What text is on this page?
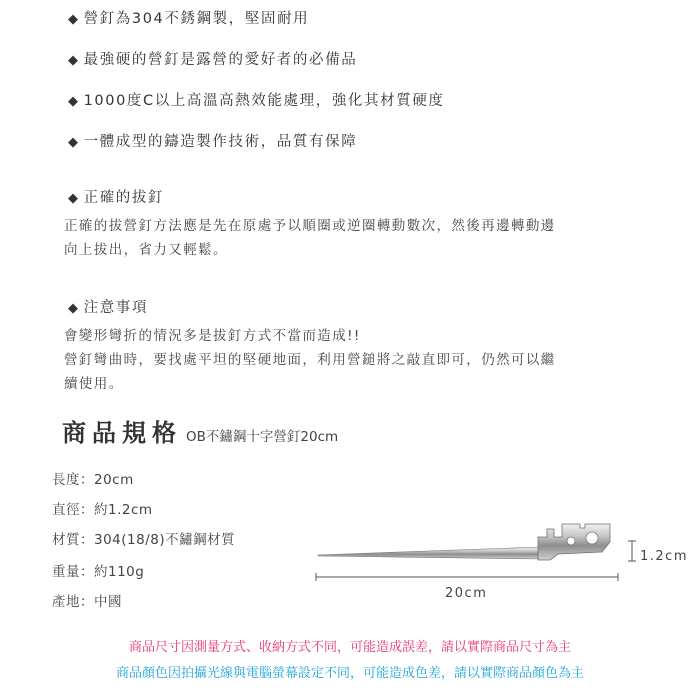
◆ 營釘為304不銹鋼製，堅固耐用
◆ 最強硬的營釘是露營的愛好者的必備品
◆ 1000度C以上高溫高熱效能處理，強化其材質硬度
◆ 一體成型的鑄造製作技術，品質有保障
◆ 正確的拔釘
正確的拔營釘方法應是先在原處予以順圈或逆圈轉動數次，然後再邊轉動邊
向上拔出，省力又輕鬆。
◆ 注意事項
會變形彎折的情況多是拔釘方式不當而造成!!
營釘彎曲時，要找處平坦的堅硬地面，利用營鎚將之敲直即可，仍然可以繼
續使用。
商品規格 OB不鏽鋼十字營釘20cm
長度：20cm
直徑：約1.2cm
材質：304(18/8)不鏽鋼材質
重量：約110g
產地：中國
1.2cm
20cm
商品尺寸因測量方式、收納方式不同，可能造成誤差，請以實際商品尺寸為主
商品顏色因拍攝光線與電腦螢幕設定不同，可能造成色差，請以實際商品顏色為主
